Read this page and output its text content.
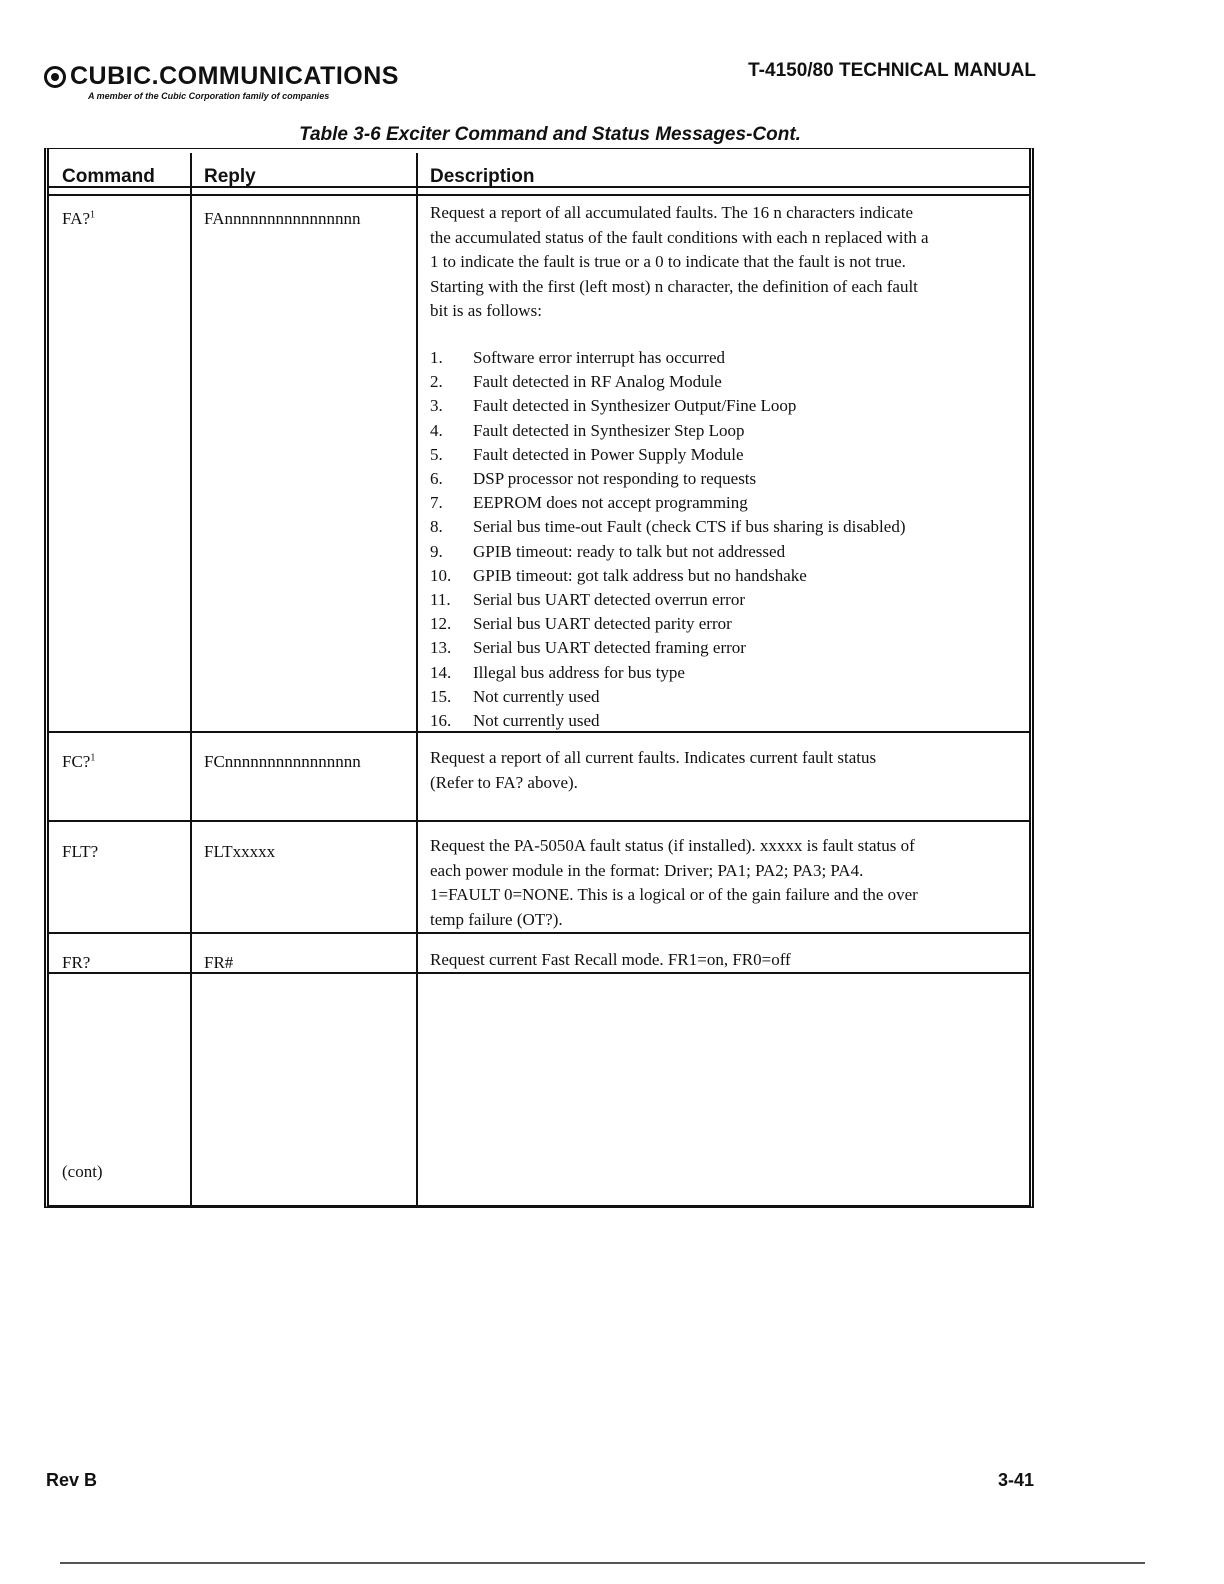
CUBIC.COMMUNICATIONS
A member of the Cubic Corporation family of companies
T-4150/80 TECHNICAL MANUAL
Table 3-6 Exciter Command and Status Messages-Cont.
Command	Reply	Description
FA?$^1$	FAnnnnnnnnnnnnnnnn	Request a report of all accumulated faults. The 16 n characters indicate
the accumulated status of the fault conditions with each n replaced with a
1 to indicate the fault is true or a 0 to indicate that the fault is not true.
Starting with the first (left most) n character, the definition of each fault
bit is as follows:
1.	Software error interrupt has occurred
2.	Fault detected in RF Analog Module
3.	Fault detected in Synthesizer Output/Fine Loop
4.	Fault detected in Synthesizer Step Loop
5.	Fault detected in Power Supply Module
6.	DSP processor not responding to requests
7.	EEPROM does not accept programming
8.	Serial bus time-out Fault (check CTS if bus sharing is disabled)
9.	GPIB timeout: ready to talk but not addressed
10.	GPIB timeout: got talk address but no handshake
11.	Serial bus UART detected overrun error
12.	Serial bus UART detected parity error
13.	Serial bus UART detected framing error
14.	Illegal bus address for bus type
15.	Not currently used
16.	Not currently used
FC?$^1$	FCnnnnnnnnnnnnnnnn	Request a report of all current faults. Indicates current fault status
(Refer to FA? above).
FLT?	FLTxxxxx	Request the PA-5050A fault status (if installed). xxxxx is fault status of
each power module in the format: Driver; PA1; PA2; PA3; PA4.
1=FAULT 0=NONE. This is a logical or of the gain failure and the over
temp failure (OT?).
FR?	FR#	Request current Fast Recall mode. FR1=on, FR0=off
(cont)
Rev B	3-41
